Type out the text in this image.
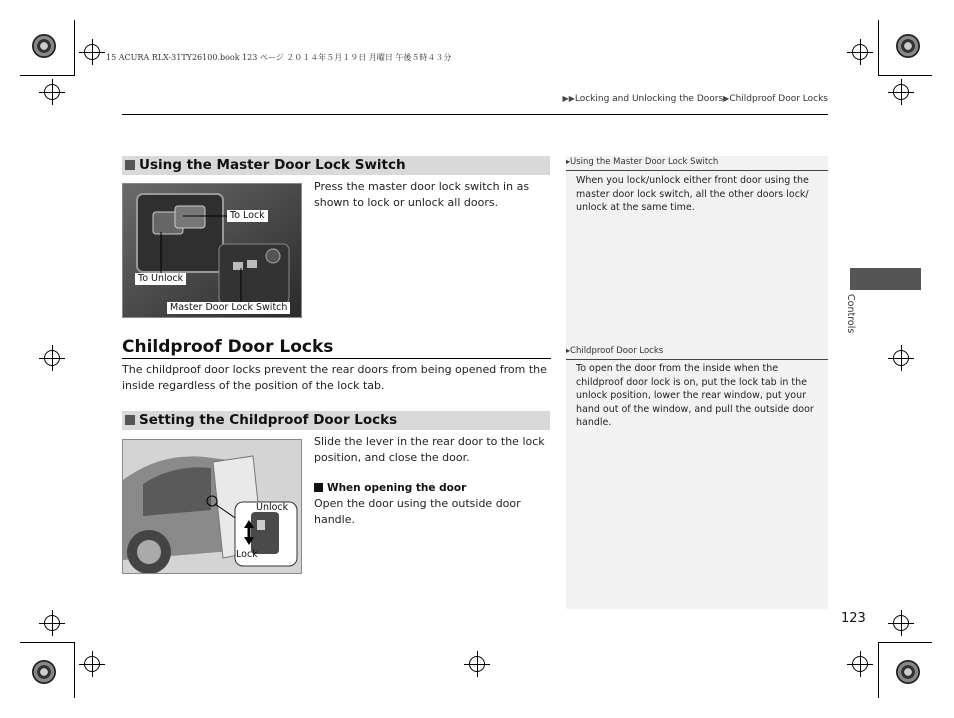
15 ACURA RLX-31TY26100.book 123 ページ ２０１４年５月１９日 月曜日 午後５時４３分
▶▶Locking and Unlocking the Doors▶Childproof Door Locks
Using the Master Door Lock Switch
To Lock
To Unlock
Master Door Lock Switch
Press the master door lock switch in as shown to lock or unlock all doors.
Childproof Door Locks
The childproof door locks prevent the rear doors from being opened from the inside regardless of the position of the lock tab.
Setting the Childproof Door Locks
Unlock
Lock
Slide the lever in the rear door to the lock position, and close the door.
When opening the door
Open the door using the outside door handle.
▸Using the Master Door Lock Switch
When you lock/unlock either front door using the master door lock switch, all the other doors lock/ unlock at the same time.
▸Childproof Door Locks
To open the door from the inside when the childproof door lock is on, put the lock tab in the unlock position, lower the rear window, put your hand out of the window, and pull the outside door handle.
Controls
123
